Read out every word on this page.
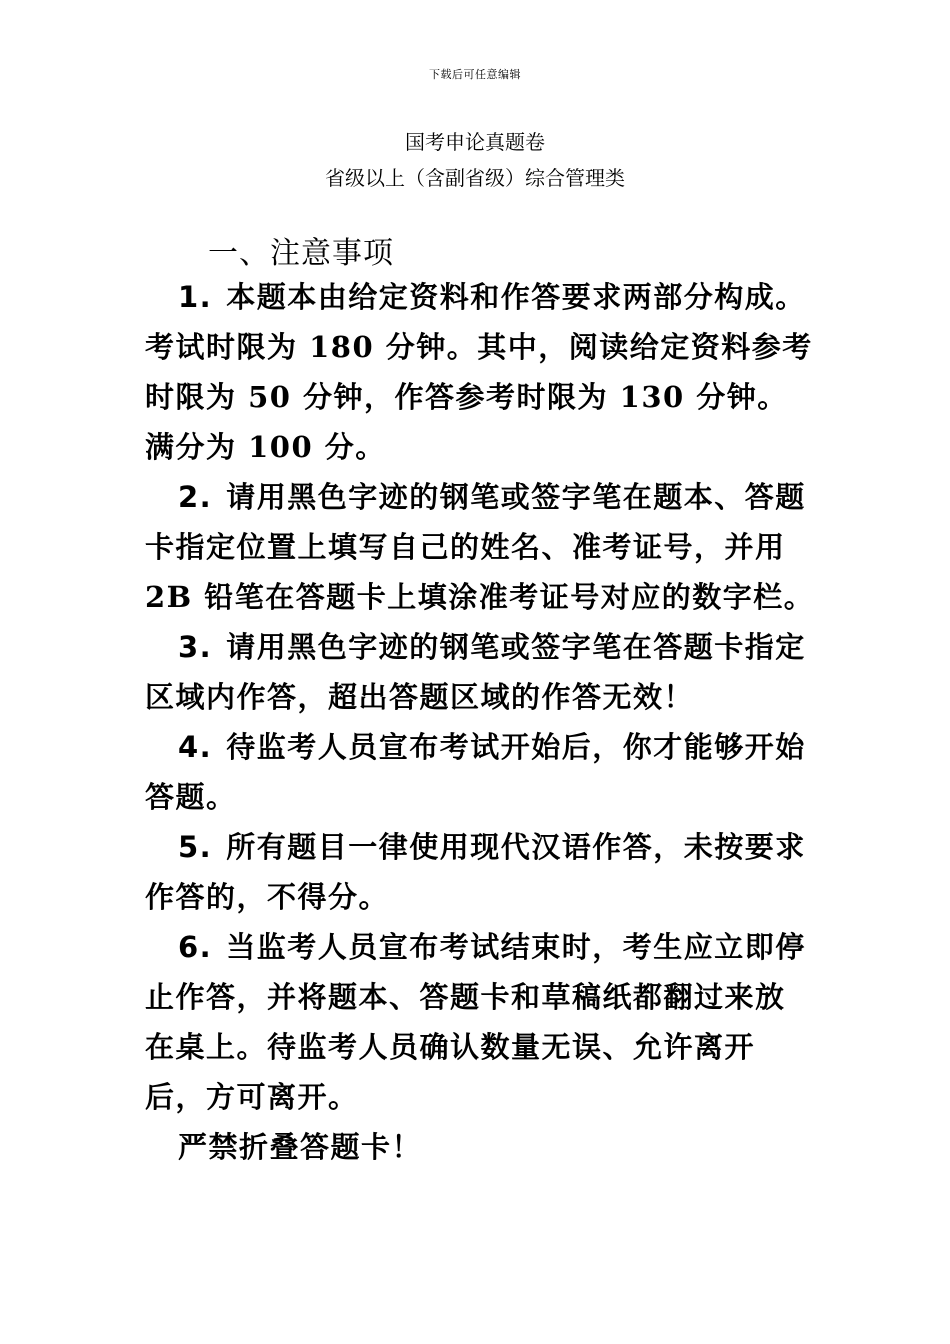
下载后可任意编辑
国考申论真题卷
省级以上（含副省级）综合管理类
一、注意事项

1. 本题本由给定资料和作答要求两部分构成。考试时限为 180 分钟。其中，阅读给定资料参考时限为 50 分钟，作答参考时限为 130 分钟。满分为 100 分。

2. 请用黑色字迹的钢笔或签字笔在题本、答题卡指定位置上填写自己的姓名、准考证号，并用 2B 铅笔在答题卡上填涂准考证号对应的数字栏。

3. 请用黑色字迹的钢笔或签字笔在答题卡指定区域内作答，超出答题区域的作答无效！

4. 待监考人员宣布考试开始后，你才能够开始答题。

5. 所有题目一律使用现代汉语作答，未按要求作答的，不得分。

6. 当监考人员宣布考试结束时，考生应立即停止作答，并将题本、答题卡和草稿纸都翻过来放在桌上。待监考人员确认数量无误、允许离开后，方可离开。

严禁折叠答题卡！
